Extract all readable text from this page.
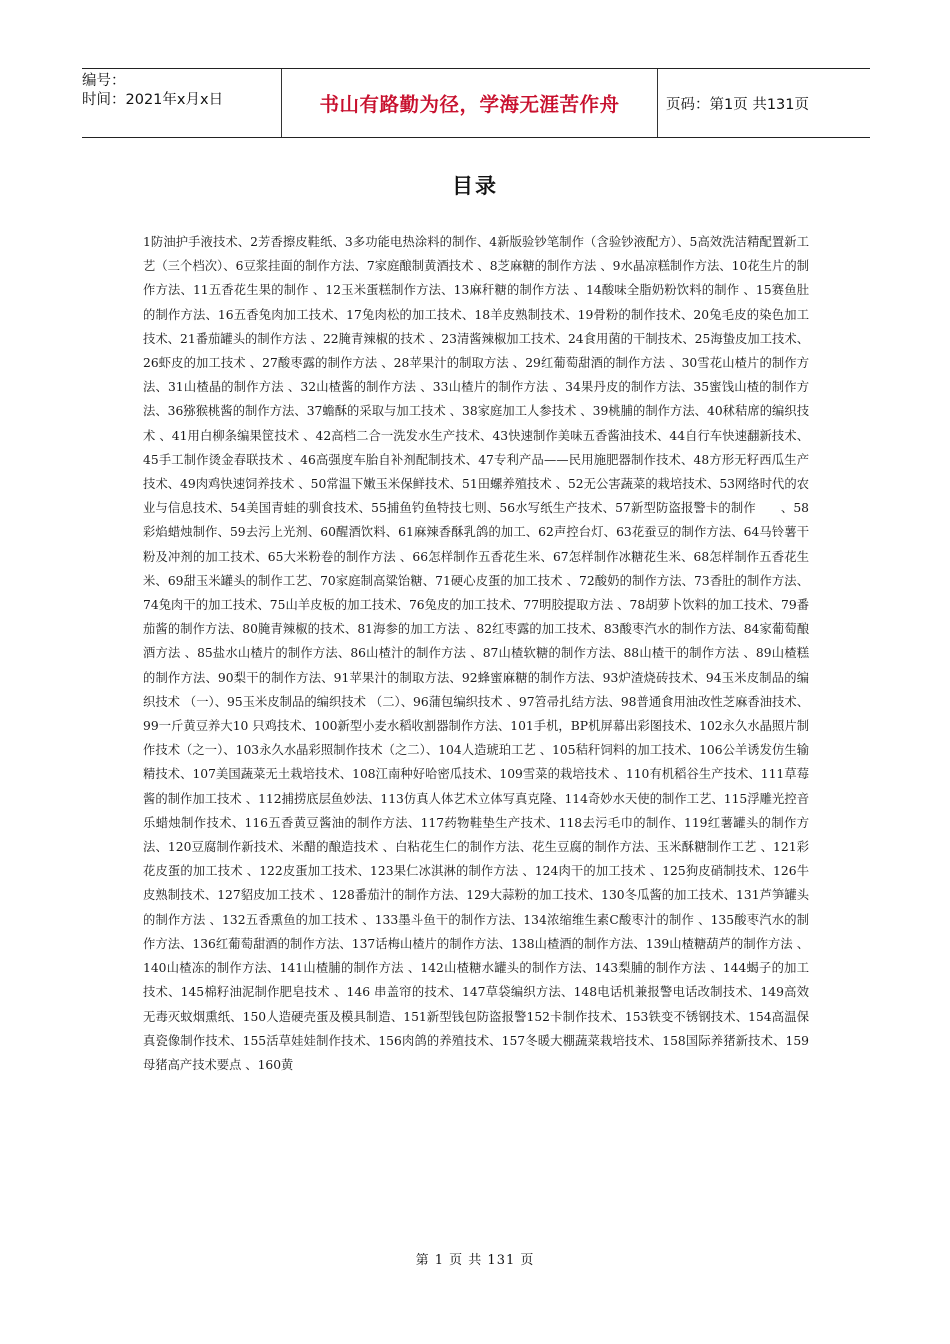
编号：
时间：2021年x月x日	书山有路勤为径，学海无涯苦作舟	页码：第1页 共131页
目录
1防油护手液技术、2芳香擦皮鞋纸、3多功能电热涂料的制作、4新版验钞笔制作（含验钞液配方）、5高效洗洁精配置新工艺（三个档次）、6豆浆挂面的制作方法、7家庭酿制黄酒技术 、8芝麻糖的制作方法 、9水晶凉糕制作方法、10花生片的制作方法、11五香花生果的制作 、12玉米蛋糕制作方法、13麻秆糖的制作方法 、14酸味全脂奶粉饮料的制作 、15赛鱼肚的制作方法、16五香兔肉加工技术、17兔肉松的加工技术、18羊皮熟制技术、19骨粉的制作技术、20兔毛皮的染色加工技术、21番茄罐头的制作方法 、22腌青辣椒的技术 、23清酱辣椒加工技术、24食用菌的干制技术、25海蛰皮加工技术、26虾皮的加工技术 、27酸枣露的制作方法 、28苹果汁的制取方法 、29红葡萄甜酒的制作方法 、30雪花山楂片的制作方法、31山楂晶的制作方法 、32山楂酱的制作方法 、33山楂片的制作方法 、34果丹皮的制作方法、35蜜饯山楂的制作方法、36猕猴桃酱的制作方法、37蟾酥的采取与加工技术 、38家庭加工人参技术 、39桃脯的制作方法、40秫秸席的编织技术 、41用白柳条编果筐技术 、42高档二合一洗发水生产技术、43快速制作美味五香酱油技术、44自行车快速翻新技术、45手工制作烫金春联技术 、46高强度车胎自补剂配制技术、47专利产品——民用施肥器制作技术、48方形无籽西瓜生产技术、49肉鸡快速饲养技术 、50常温下嫩玉米保鲜技术、51田螺养殖技术 、52无公害蔬菜的栽培技术、53网络时代的农业与信息技术、54美国青蛙的驯食技术、55捕鱼钓鱼特技七则、56水写纸生产技术、57新型防盗报警卡的制作　　、58彩焰蜡烛制作、59去污上光剂、60醒酒饮料、61麻辣香酥乳鸽的加工、62声控台灯、63花蚕豆的制作方法、64马铃薯干粉及冲剂的加工技术、65大米粉卷的制作方法 、66怎样制作五香花生米、67怎样制作冰糖花生米、68怎样制作五香花生米、69甜玉米罐头的制作工艺、70家庭制高粱饴糖、71硬心皮蛋的加工技术 、72酸奶的制作方法、73香肚的制作方法、74兔肉干的加工技术、75山羊皮板的加工技术、76兔皮的加工技术、77明胶提取方法 、78胡萝卜饮料的加工技术、79番茄酱的制作方法、80腌青辣椒的技术、81海参的加工方法 、82红枣露的加工技术、83酸枣汽水的制作方法、84家葡萄酿酒方法 、85盐水山楂片的制作方法、86山楂汁的制作方法 、87山楂软糖的制作方法、88山楂干的制作方法 、89山楂糕的制作方法、90梨干的制作方法、91苹果汁的制取方法、92蜂蜜麻糖的制作方法、93炉渣烧砖技术、94玉米皮制品的编织技术 （一）、95玉米皮制品的编织技术 （二）、96蒲包编织技术 、97笤帚扎结方法、98普通食用油改性芝麻香油技术、99一斤黄豆养大10 只鸡技术、100新型小麦水稻收割器制作方法、101手机，BP机屏幕出彩图技术、102永久水晶照片制作技术（之一）、103永久水晶彩照制作技术（之二）、104人造琥珀工艺 、105秸秆饲料的加工技术、106公羊诱发仿生输精技术、107美国蔬菜无土栽培技术、108江南种好哈密瓜技术、109雪菜的栽培技术 、110有机稻谷生产技术、111草莓酱的制作加工技术 、112捕捞底层鱼妙法、113仿真人体艺术立体写真克隆、114奇妙水天使的制作工艺、115浮雕光控音乐蜡烛制作技术、116五香黄豆酱油的制作方法、117药物鞋垫生产技术、118去污毛巾的制作、119红薯罐头的制作方法、120豆腐制作新技术、米醋的酿造技术 、白粘花生仁的制作方法、花生豆腐的制作方法、玉米酥糖制作工艺 、121彩花皮蛋的加工技术 、122皮蛋加工技术、123果仁冰淇淋的制作方法 、124肉干的加工技术 、125狗皮硝制技术、126牛皮熟制技术、127貂皮加工技术 、128番茄汁的制作方法、129大蒜粉的加工技术、130冬瓜酱的加工技术、131芦笋罐头的制作方法 、132五香熏鱼的加工技术 、133墨斗鱼干的制作方法、134浓缩维生素C酸枣汁的制作 、135酸枣汽水的制作方法、136红葡萄甜酒的制作方法、137话梅山楂片的制作方法、138山楂酒的制作方法、139山楂糖葫芦的制作方法 、140山楂冻的制作方法、141山楂脯的制作方法 、142山楂糖水罐头的制作方法、143梨脯的制作方法 、144蝎子的加工技术、145棉籽油泥制作肥皂技术 、146 串盖帘的技术、147草袋编织方法、148电话机兼报警电话改制技术、149高效无毒灭蚊烟熏纸、150人造硬壳蛋及模具制造、151新型钱包防盗报警152卡制作技术、153铁变不锈钢技术、154高温保真瓷像制作技术、155活草娃娃制作技术、156肉鸽的养殖技术、157冬暖大棚蔬菜栽培技术、158国际养猪新技术、159母猪高产技术要点 、160黄
第 1 页 共 131 页
